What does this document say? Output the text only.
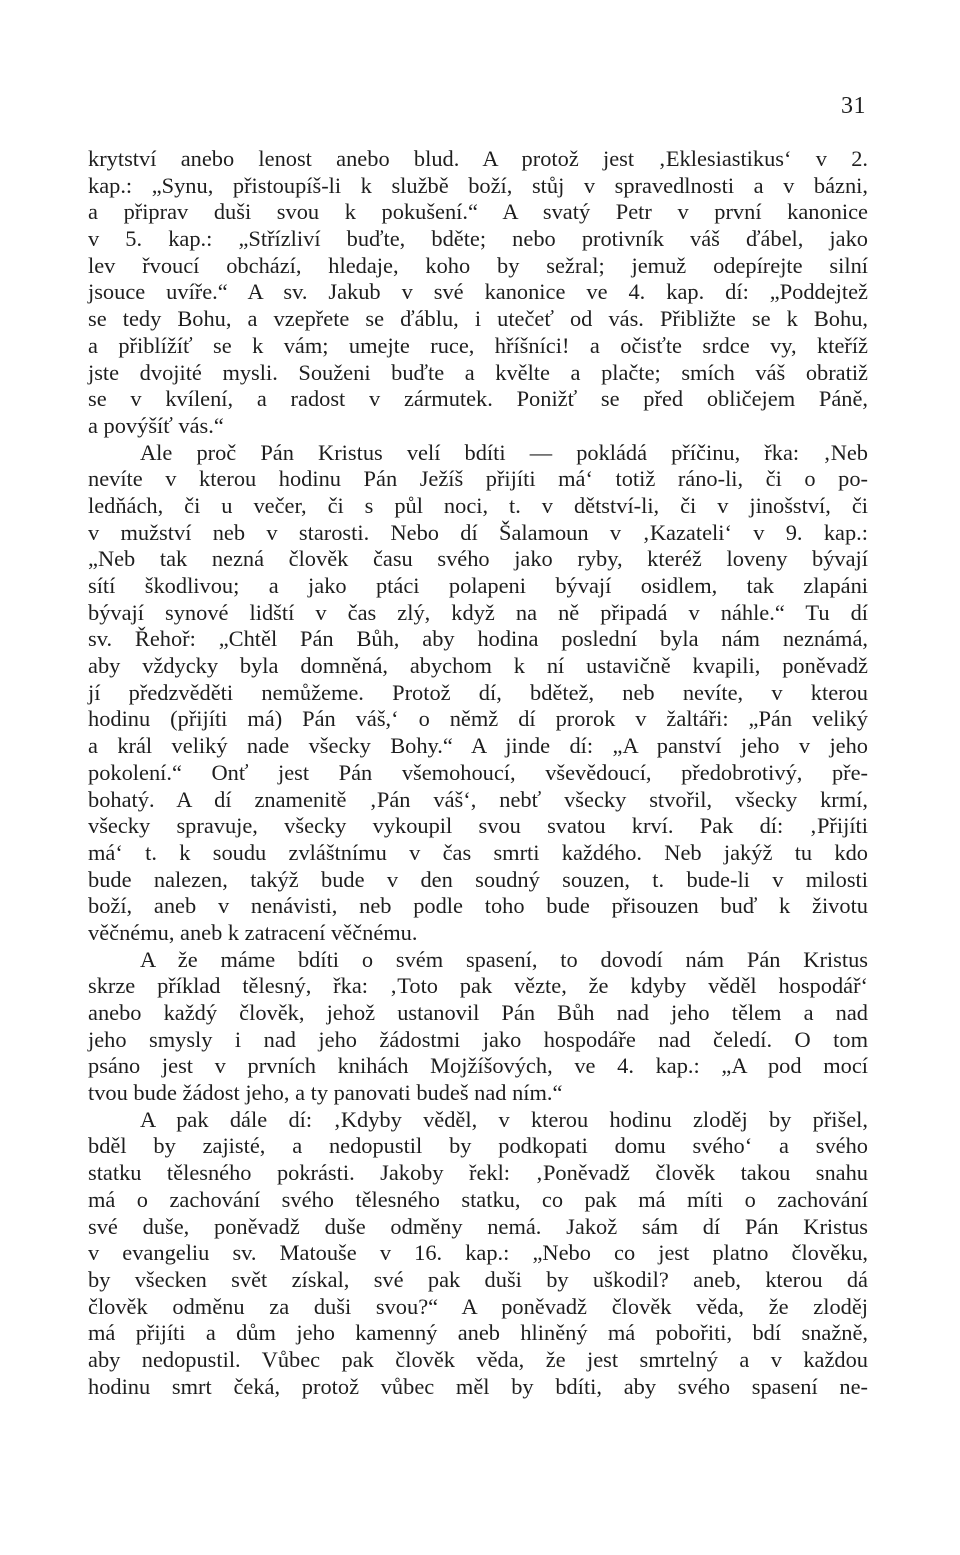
31
krytství anebo lenost anebo blud. A protož jest ‚Eklesiastikus‘ v 2.
kap.: „Synu, přistoupíš-li k službě boží, stůj v spravedlnosti a v bázni,
a připrav duši svou k pokušení.“ A svatý Petr v první kanonice
v 5. kap.: „Střízliví buďte, bděte; nebo protivník váš ďábel, jako
lev řvoucí obchází, hledaje, koho by sežral; jemuž odepírejte silní
jsouce uvíře.“ A sv. Jakub v své kanonice ve 4. kap. dí: „Poddejtež
se tedy Bohu, a vzepřete se ďáblu, i utečeť od vás. Přibližte se k Bohu,
a přiblížíť se k vám; umejte ruce, hříšníci! a očisťte srdce vy, kteříž
jste dvojité mysli. Souženi buďte a kvělte a plačte; smích váš obratiž
se v kvílení, a radost v zármutek. Ponižť se před obličejem Páně,
a povýšíť vás.“
Ale proč Pán Kristus velí bdíti — pokládá příčinu, řka: ‚Neb
nevíte v kterou hodinu Pán Ježíš přijíti má‘ totiž ráno-li, či o po-
ledňách, či u večer, či s půl noci, t. v dětství-li, či v jinošství, či
v mužství neb v starosti. Nebo dí Šalamoun v ‚Kazateli‘ v 9. kap.:
„Neb tak nezná člověk času svého jako ryby, kteréž loveny bývají
sítí škodlivou; a jako ptáci polapeni bývají osidlem, tak zlapáni
bývají synové lidští v čas zlý, když na ně připadá v náhle.“ Tu dí
sv. Řehoř: „Chtěl Pán Bůh, aby hodina poslední byla nám neznámá,
aby vždycky byla domněná, abychom k ní ustavičně kvapili, poněvadž
jí předzvěděti nemůžeme. Protož dí, bdětež, neb nevíte, v kterou
hodinu (přijíti má) Pán váš,‘ o němž dí prorok v žaltáři: „Pán veliký
a král veliký nade všecky Bohy.“ A jinde dí: „A panství jeho v jeho
pokolení.“ Onť jest Pán všemohoucí, vševědoucí, předobrotivý, pře-
bohatý. A dí znamenitě ‚Pán váš‘, nebť všecky stvořil, všecky krmí,
všecky spravuje, všecky vykoupil svou svatou krví. Pak dí: ‚Přijíti
má‘ t. k soudu zvláštnímu v čas smrti každého. Neb jakýž tu kdo
bude nalezen, takýž bude v den soudný souzen, t. bude-li v milosti
boží, aneb v nenávisti, neb podle toho bude přisouzen buď k životu
věčnému, aneb k zatracení věčnému.
A že máme bdíti o svém spasení, to dovodí nám Pán Kristus
skrze příklad tělesný, řka: ‚Toto pak vězte, že kdyby věděl hospodář‘
anebo každý člověk, jehož ustanovil Pán Bůh nad jeho tělem a nad
jeho smysly i nad jeho žádostmi jako hospodáře nad čeledí. O tom
psáno jest v prvních knihách Mojžíšových, ve 4. kap.: „A pod mocí
tvou bude žádost jeho, a ty panovati budeš nad ním.“
A pak dále dí: ‚Kdyby věděl, v kterou hodinu zloděj by přišel,
bděl by zajisté, a nedopustil by podkopati domu svého‘ a svého
statku tělesného pokrásti. Jakoby řekl: ‚Poněvadž člověk takou snahu
má o zachování svého tělesného statku, co pak má míti o zachování
své duše, poněvadž duše odměny nemá. Jakož sám dí Pán Kristus
v evangeliu sv. Matouše v 16. kap.: „Nebo co jest platno člověku,
by všecken svět získal, své pak duši by uškodil? aneb, kterou dá
člověk odměnu za duši svou?“ A poněvadž člověk věda, že zloděj
má přijíti a dům jeho kamenný aneb hliněný má pobořiti, bdí snažně,
aby nedopustil. Vůbec pak člověk věda, že jest smrtelný a v každou
hodinu smrt čeká, protož vůbec měl by bdíti, aby svého spasení ne-
